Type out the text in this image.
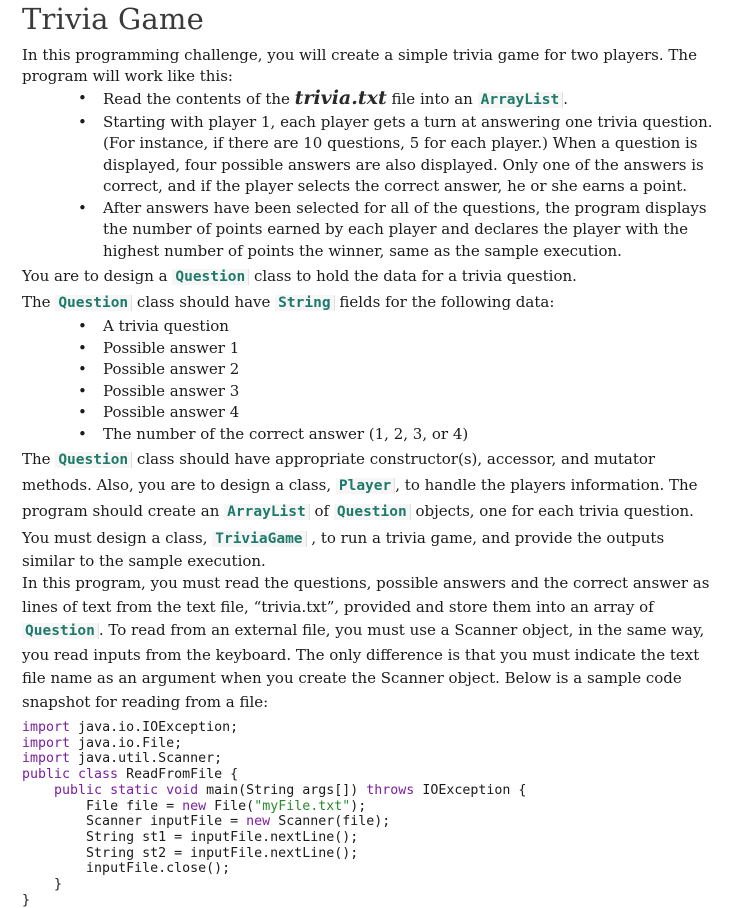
Trivia Game

In this programming challenge, you will create a simple trivia game for two players. The program will work like this:

• Read the contents of the trivia.txt file into an ArrayList .
• Starting with player 1, each player gets a turn at answering one trivia question. (For instance, if there are 10 questions, 5 for each player.) When a question is displayed, four possible answers are also displayed. Only one of the answers is correct, and if the player selects the correct answer, he or she earns a point.
• After answers have been selected for all of the questions, the program displays the number of points earned by each player and declares the player with the highest number of points the winner, same as the sample execution.

You are to design a Question class to hold the data for a trivia question.

The Question class should have String fields for the following data:

• A trivia question
• Possible answer 1
• Possible answer 2
• Possible answer 3
• Possible answer 4
• The number of the correct answer (1, 2, 3, or 4)

The Question class should have appropriate constructor(s), accessor, and mutator methods. Also, you are to design a class, Player , to handle the players information. The program should create an ArrayList of Question objects, one for each trivia question.

You must design a class, TriviaGame , to run a trivia game, and provide the outputs similar to the sample execution.

In this program, you must read the questions, possible answers and the correct answer as lines of text from the text file, “trivia.txt”, provided and store them into an array of Question . To read from an external file, you must use a Scanner object, in the same way, you read inputs from the keyboard. The only difference is that you must indicate the text file name as an argument when you create the Scanner object. Below is a sample code snapshot for reading from a file:

import java.io.IOException;
import java.io.File;
import java.util.Scanner;
public class ReadFromFile {
public static void main(String args[]) throws IOException {
File file = new File("myFile.txt");
Scanner inputFile = new Scanner(file);
String st1 = inputFile.nextLine();
String st2 = inputFile.nextLine();
inputFile.close();
}
}
